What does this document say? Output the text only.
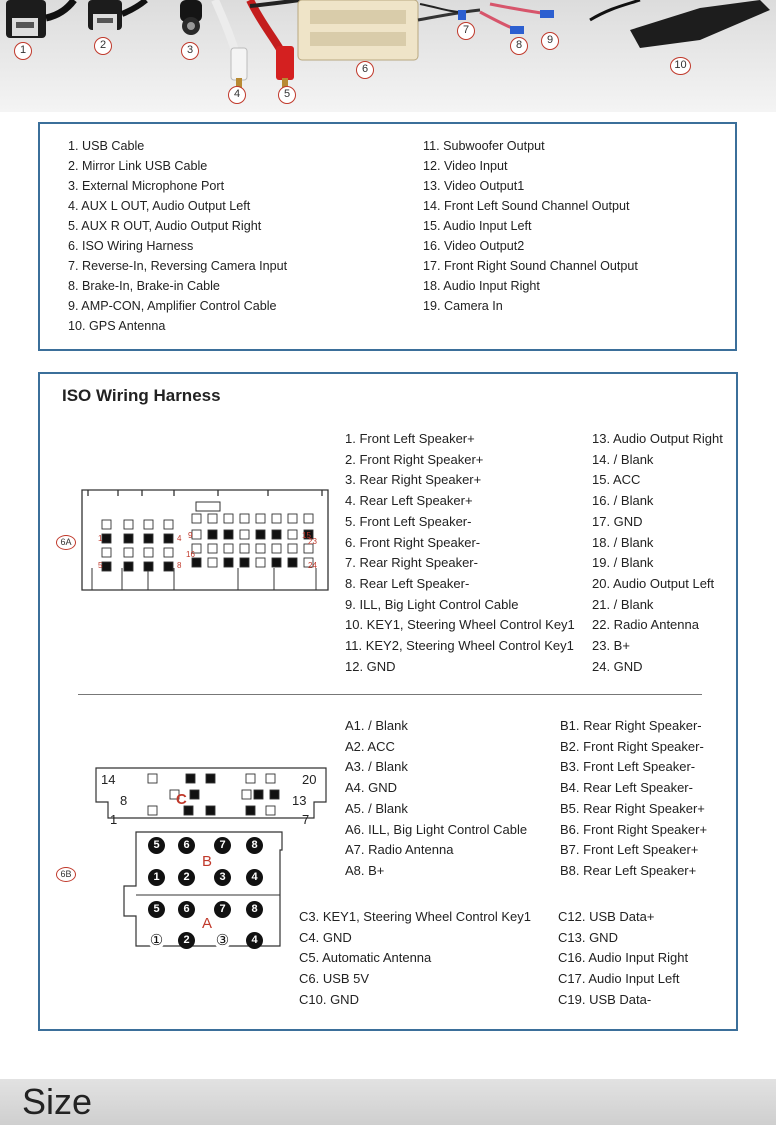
1	2	3
4	5
6
7
8	9
10
1. USB Cable
2. Mirror Link USB Cable
3. External Microphone Port
4. AUX L OUT, Audio Output Left
5. AUX R OUT, Audio Output Right
6. ISO Wiring Harness
7. Reverse-In, Reversing Camera Input
8. Brake-In, Brake-in Cable
9. AMP-CON, Amplifier Control Cable
10. GPS Antenna
11. Subwoofer Output
12. Video Input
13. Video Output1
14. Front Left Sound Channel Output
15. Audio Input Left
16. Video Output2
17. Front Right Sound Channel Output
18. Audio Input Right
19. Camera In
ISO Wiring Harness
6A	1	4
5	8
9	15
16
23
24
1. Front Left Speaker+
2. Front Right Speaker+
3. Rear Right Speaker+
4. Rear Left Speaker+
5. Front Left Speaker-
6. Front Right Speaker-
7. Rear Right Speaker-
8. Rear Left Speaker-
9. ILL, Big Light Control Cable
10. KEY1, Steering Wheel Control Key1
11. KEY2, Steering Wheel Control Key1
12. GND
13. Audio Output Right
14. / Blank
15. ACC
16. / Blank
17. GND
18. / Blank
19. / Blank
20. Audio Output Left
21. / Blank
22. Radio Antenna
23. B+
24. GND
6B
14	20
8	13
1	7
C
B
A
5	6	7	8
1	2	3	4
5	6	7	8
①	2	③	4
A1. / Blank
A2. ACC
A3. / Blank
A4. GND
A5. / Blank
A6. ILL, Big Light Control Cable
A7. Radio Antenna
A8. B+
B1. Rear Right Speaker-
B2. Front Right Speaker-
B3. Front Left Speaker-
B4. Rear Left Speaker-
B5. Rear Right Speaker+
B6. Front Right Speaker+
B7. Front Left Speaker+
B8. Rear Left Speaker+
C3. KEY1, Steering Wheel Control Key1
C4. GND
C5. Automatic Antenna
C6. USB 5V
C10. GND
C12. USB Data+
C13. GND
C16. Audio Input Right
C17. Audio Input Left
C19. USB Data-
Size
